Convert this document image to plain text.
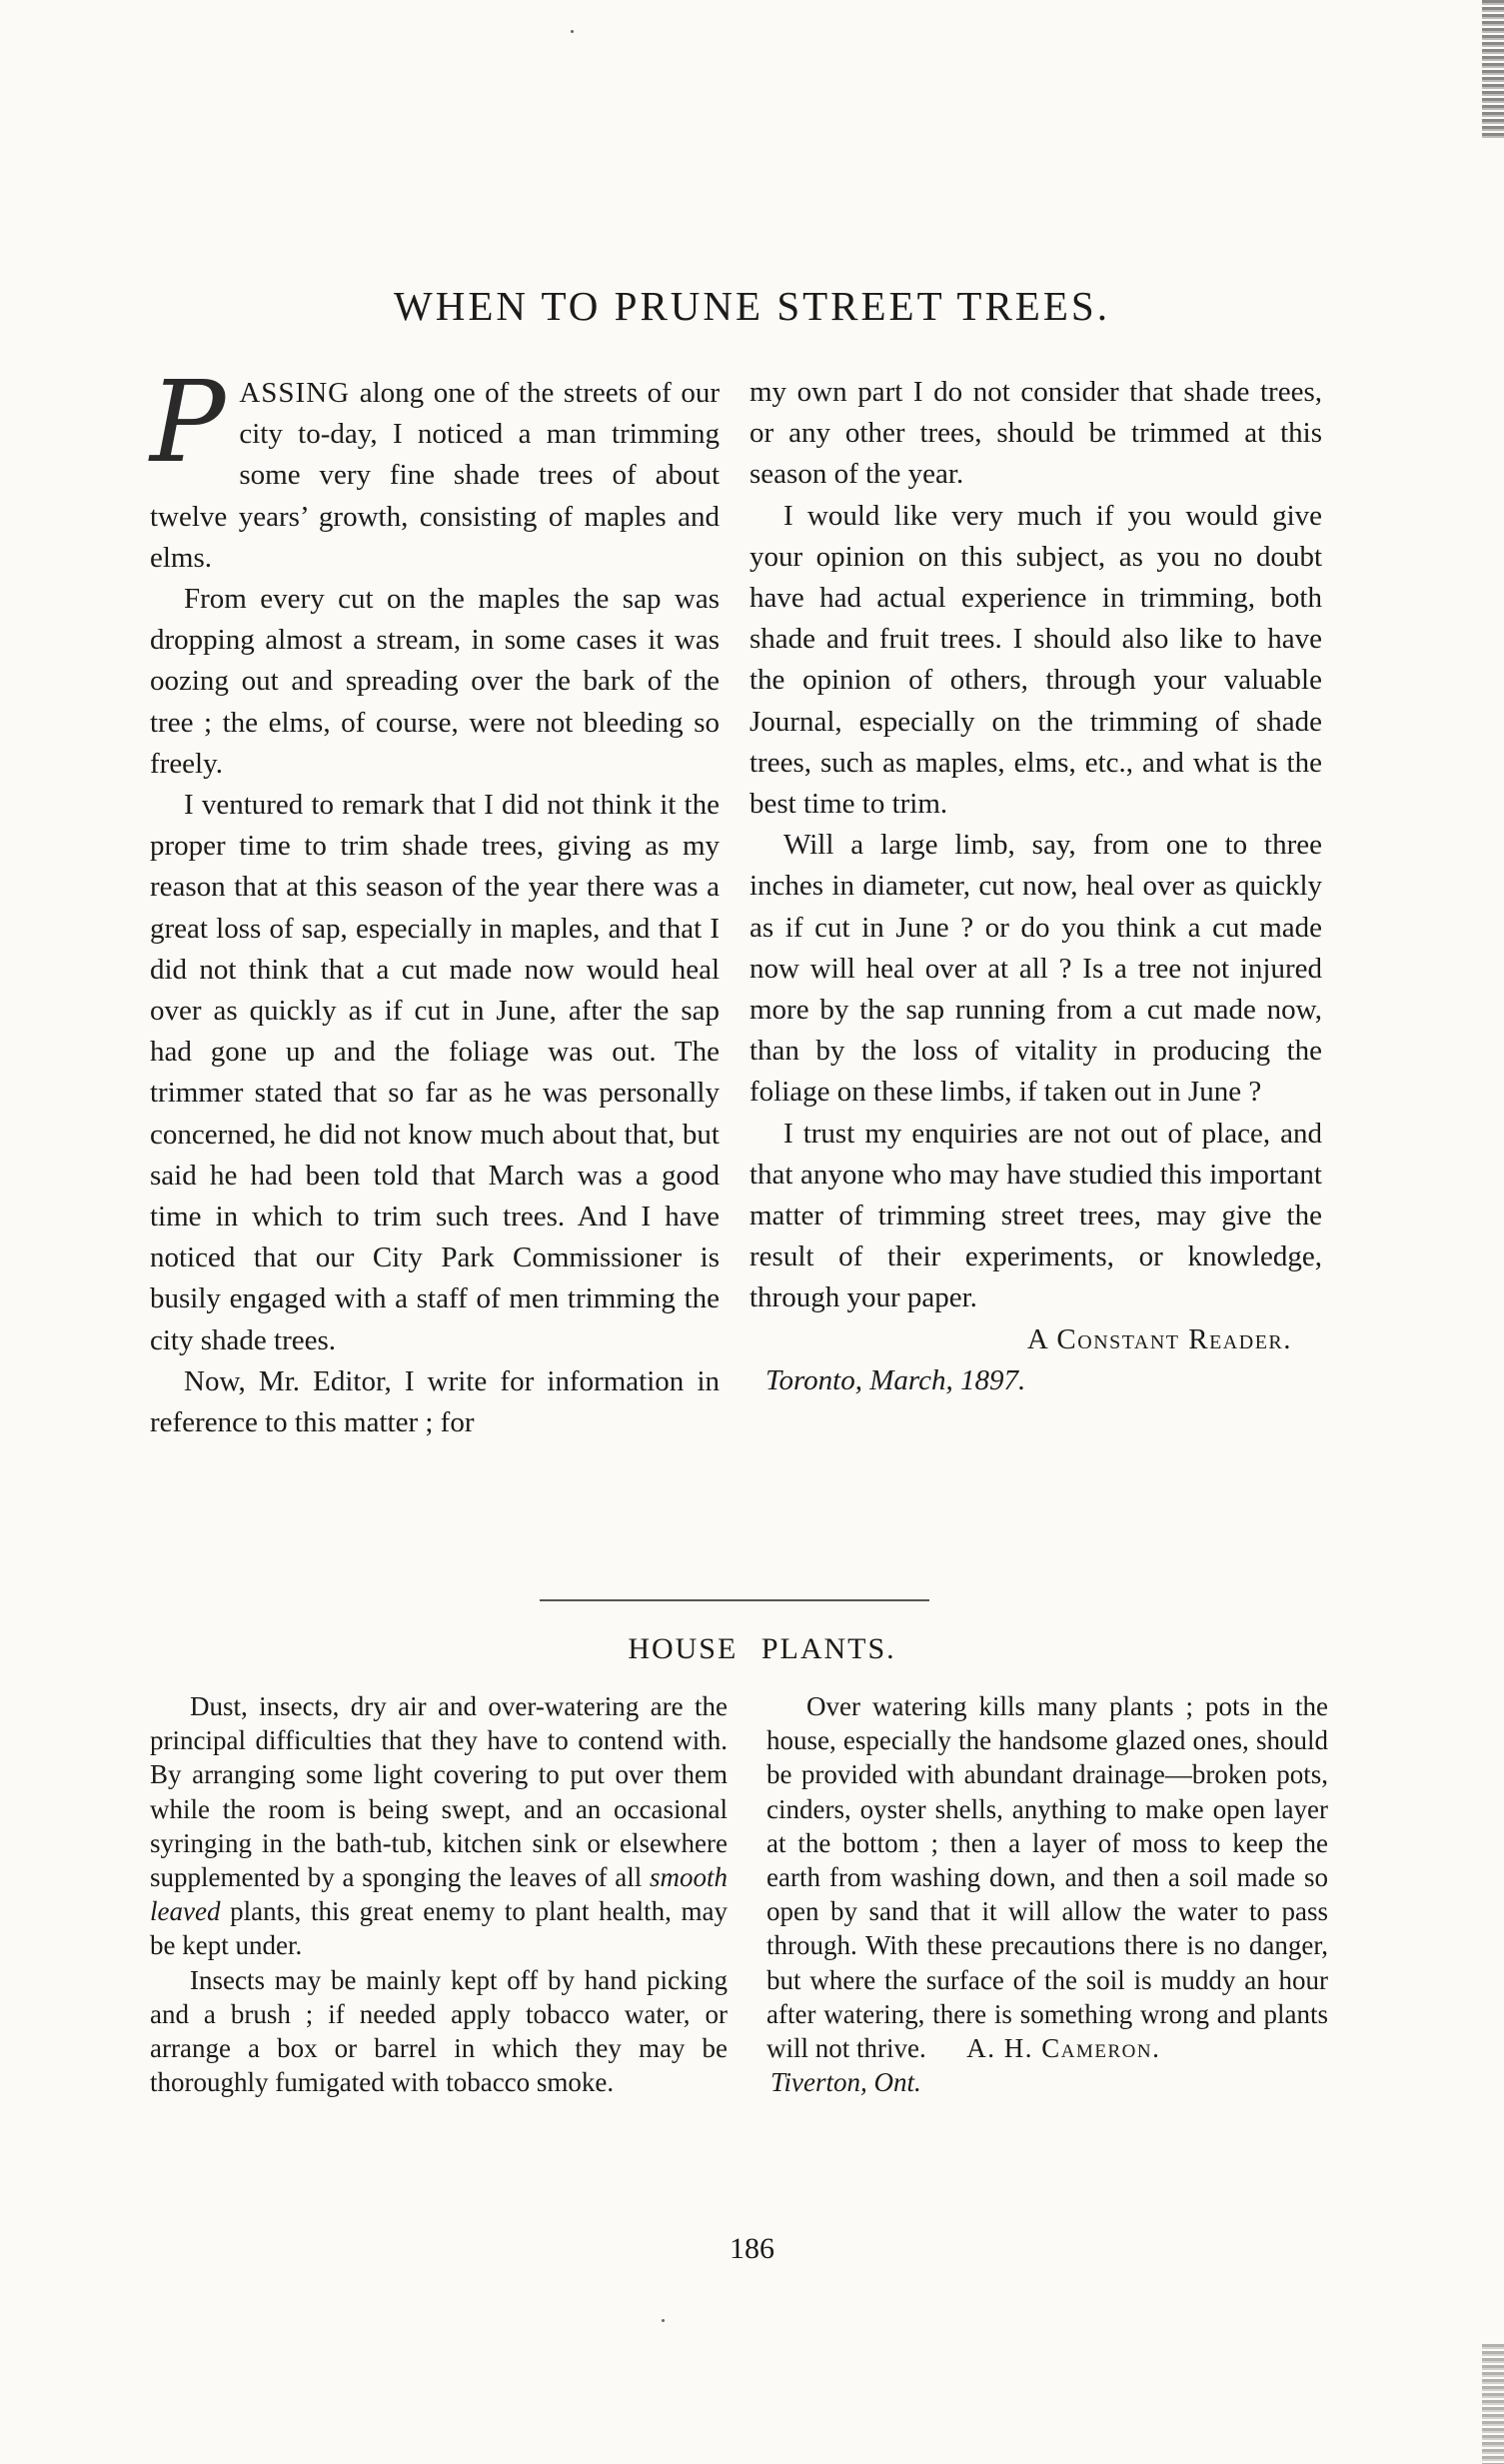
WHEN TO PRUNE STREET TREES.

PASSING along one of the streets of our city to-day, I noticed a man trimming some very fine shade trees of about twelve years’ growth, consisting of maples and elms.

From every cut on the maples the sap was dropping almost a stream, in some cases it was oozing out and spreading over the bark of the tree ; the elms, of course, were not bleeding so freely.

I ventured to remark that I did not think it the proper time to trim shade trees, giving as my reason that at this season of the year there was a great loss of sap, especially in maples, and that I did not think that a cut made now would heal over as quickly as if cut in June, after the sap had gone up and the foliage was out. The trimmer stated that so far as he was personally concerned, he did not know much about that, but said he had been told that March was a good time in which to trim such trees. And I have noticed that our City Park Commissioner is busily engaged with a staff of men trimming the city shade trees.

Now, Mr. Editor, I write for information in reference to this matter ; for

my own part I do not consider that shade trees, or any other trees, should be trimmed at this season of the year.

I would like very much if you would give your opinion on this subject, as you no doubt have had actual experience in trimming, both shade and fruit trees. I should also like to have the opinion of others, through your valuable Journal, especially on the trimming of shade trees, such as maples, elms, etc., and what is the best time to trim.

Will a large limb, say, from one to three inches in diameter, cut now, heal over as quickly as if cut in June ? or do you think a cut made now will heal over at all ? Is a tree not injured more by the sap running from a cut made now, than by the loss of vitality in producing the foliage on these limbs, if taken out in June ?

I trust my enquiries are not out of place, and that anyone who may have studied this important matter of trimming street trees, may give the result of their experiments, or knowledge, through your paper.

A Constant Reader.

Toronto, March, 1897.

HOUSE PLANTS.

Dust, insects, dry air and over-watering are the principal difficulties that they have to contend with. By arranging some light covering to put over them while the room is being swept, and an occasional syringing in the bath-tub, kitchen sink or elsewhere supplemented by a sponging the leaves of all smooth leaved plants, this great enemy to plant health, may be kept under.

Insects may be mainly kept off by hand picking and a brush ; if needed apply tobacco water, or arrange a box or barrel in which they may be thoroughly fumigated with tobacco smoke.

Over watering kills many plants ; pots in the house, especially the handsome glazed ones, should be provided with abundant drainage—broken pots, cinders, oyster shells, anything to make open layer at the bottom ; then a layer of moss to keep the earth from washing down, and then a soil made so open by sand that it will allow the water to pass through. With these precautions there is no danger, but where the surface of the soil is muddy an hour after watering, there is something wrong and plants will not thrive. A. H. Cameron.

Tiverton, Ont.

186
